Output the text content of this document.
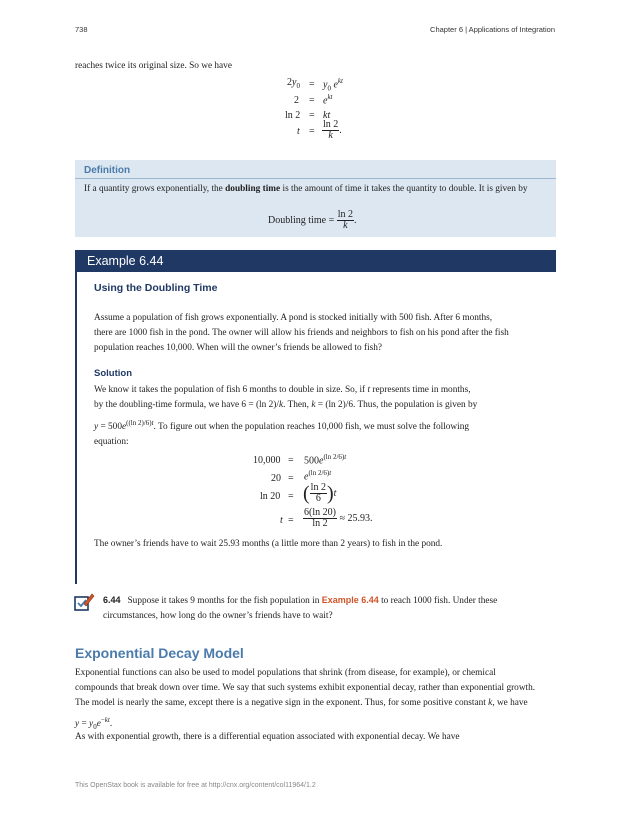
738	Chapter 6 | Applications of Integration
reaches twice its original size. So we have
$2y_0 = y_0$ $e^{kt}$
$2 = e^{kt}$
ln 2 = kt
$t = \frac{\ln 2}{k}$ .
Definition
If a quantity grows exponentially, the doubling time is the amount of time it takes the quantity to double. It is given by
Doubling time = $\frac{\ln 2}{k}$ .
Example 6.44
Using the Doubling Time
Assume a population of fish grows exponentially. A pond is stocked initially with 500 fish. After 6 months,
there are 1000 fish in the pond. The owner will allow his friends and neighbors to fish on his pond after the fish
population reaches 10,000. When will the owner’s friends be allowed to fish?
Solution
We know it takes the population of fish 6 months to double in size. So, if t represents time in months,
by the doubling-time formula, we have 6 = (ln 2)/k. Then, k = (ln 2)/6. Thus, the population is given by
$y = 500e^{((ln 2)/6)t}$. To figure out when the population reaches 10,000 fish, we must solve the following
equation:
$10,000 = 500e^{(ln 2/6)t}$
$20 = e^{(ln 2/6)t}$
ln 20 = ( $\frac{\ln 2}{6} )t$
$t = \frac{6(\ln 20)}{\ln 2} \approx 25.93$.
The owner’s friends have to wait 25.93 months (a little more than 2 years) to fish in the pond.
6.44 Suppose it takes 9 months for the fish population in Example 6.44 to reach 1000 fish. Under these
circumstances, how long do the owner’s friends have to wait?
Exponential Decay Model
Exponential functions can also be used to model populations that shrink (from disease, for example), or chemical
compounds that break down over time. We say that such systems exhibit exponential decay, rather than exponential growth.
The model is nearly the same, except there is a negative sign in the exponent. Thus, for some positive constant k, we have
$y = y_0e^{-kt}$.
As with exponential growth, there is a differential equation associated with exponential decay. We have
This OpenStax book is available for free at http://cnx.org/content/col11964/1.2
